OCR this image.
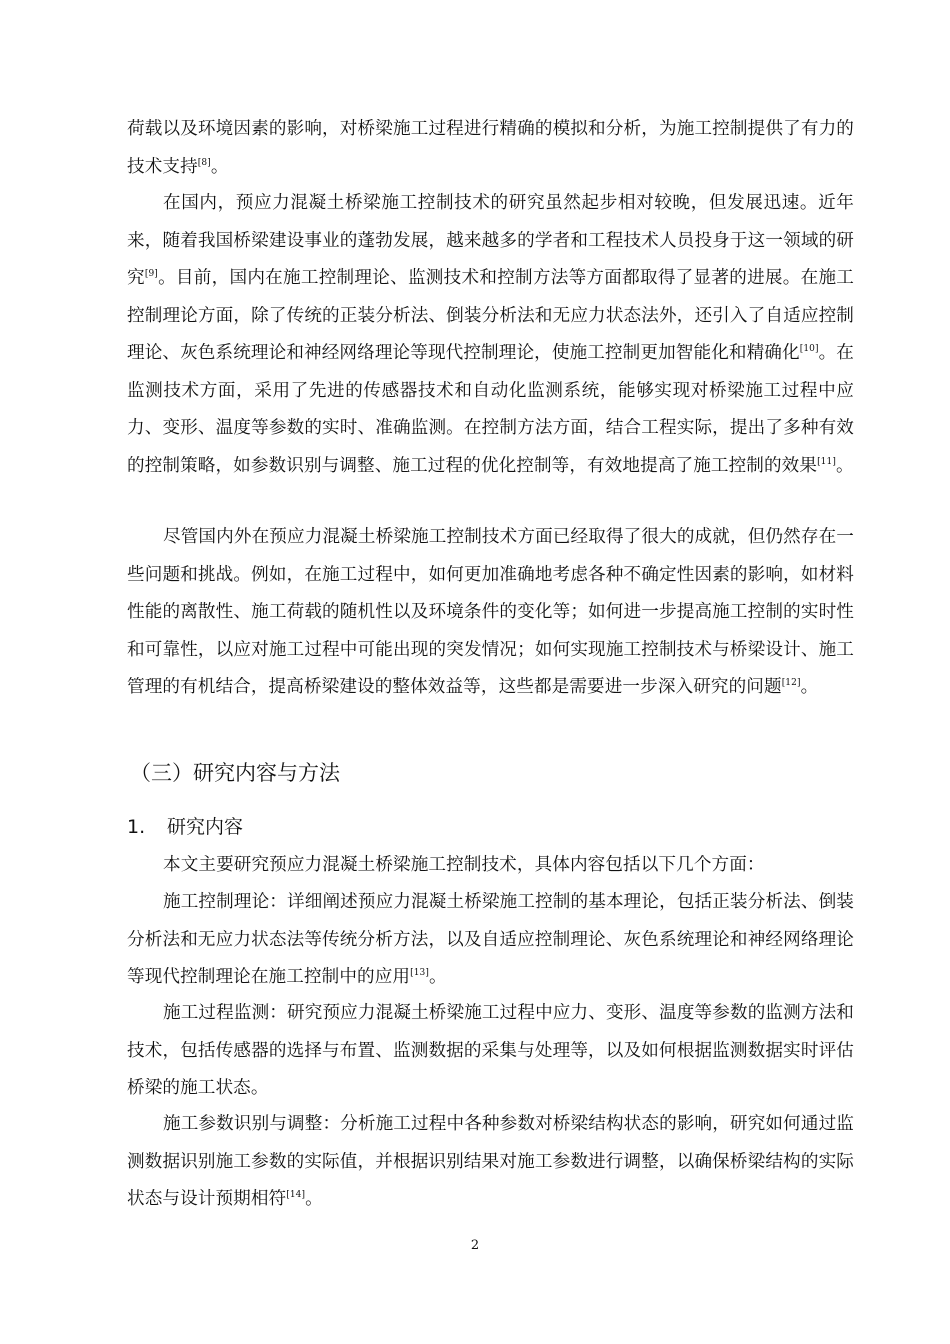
荷载以及环境因素的影响，对桥梁施工过程进行精确的模拟和分析，为施工控制提供了有力的技术支持[8]。

在国内，预应力混凝土桥梁施工控制技术的研究虽然起步相对较晚，但发展迅速。近年来，随着我国桥梁建设事业的蓬勃发展，越来越多的学者和工程技术人员投身于这一领域的研究[9]。目前，国内在施工控制理论、监测技术和控制方法等方面都取得了显著的进展。在施工控制理论方面，除了传统的正装分析法、倒装分析法和无应力状态法外，还引入了自适应控制理论、灰色系统理论和神经网络理论等现代控制理论，使施工控制更加智能化和精确化[10]。在监测技术方面，采用了先进的传感器技术和自动化监测系统，能够实现对桥梁施工过程中应力、变形、温度等参数的实时、准确监测。在控制方法方面，结合工程实际，提出了多种有效的控制策略，如参数识别与调整、施工过程的优化控制等，有效地提高了施工控制的效果[11]。

尽管国内外在预应力混凝土桥梁施工控制技术方面已经取得了很大的成就，但仍然存在一些问题和挑战。例如，在施工过程中，如何更加准确地考虑各种不确定性因素的影响，如材料性能的离散性、施工荷载的随机性以及环境条件的变化等；如何进一步提高施工控制的实时性和可靠性，以应对施工过程中可能出现的突发情况；如何实现施工控制技术与桥梁设计、施工管理的有机结合，提高桥梁建设的整体效益等，这些都是需要进一步深入研究的问题[12]。

（三）研究内容与方法
1. 研究内容

本文主要研究预应力混凝土桥梁施工控制技术，具体内容包括以下几个方面：

施工控制理论：详细阐述预应力混凝土桥梁施工控制的基本理论，包括正装分析法、倒装分析法和无应力状态法等传统分析方法，以及自适应控制理论、灰色系统理论和神经网络理论等现代控制理论在施工控制中的应用[13]。

施工过程监测：研究预应力混凝土桥梁施工过程中应力、变形、温度等参数的监测方法和技术，包括传感器的选择与布置、监测数据的采集与处理等，以及如何根据监测数据实时评估桥梁的施工状态。

施工参数识别与调整：分析施工过程中各种参数对桥梁结构状态的影响，研究如何通过监测数据识别施工参数的实际值，并根据识别结果对施工参数进行调整，以确保桥梁结构的实际状态与设计预期相符[14]。

2
